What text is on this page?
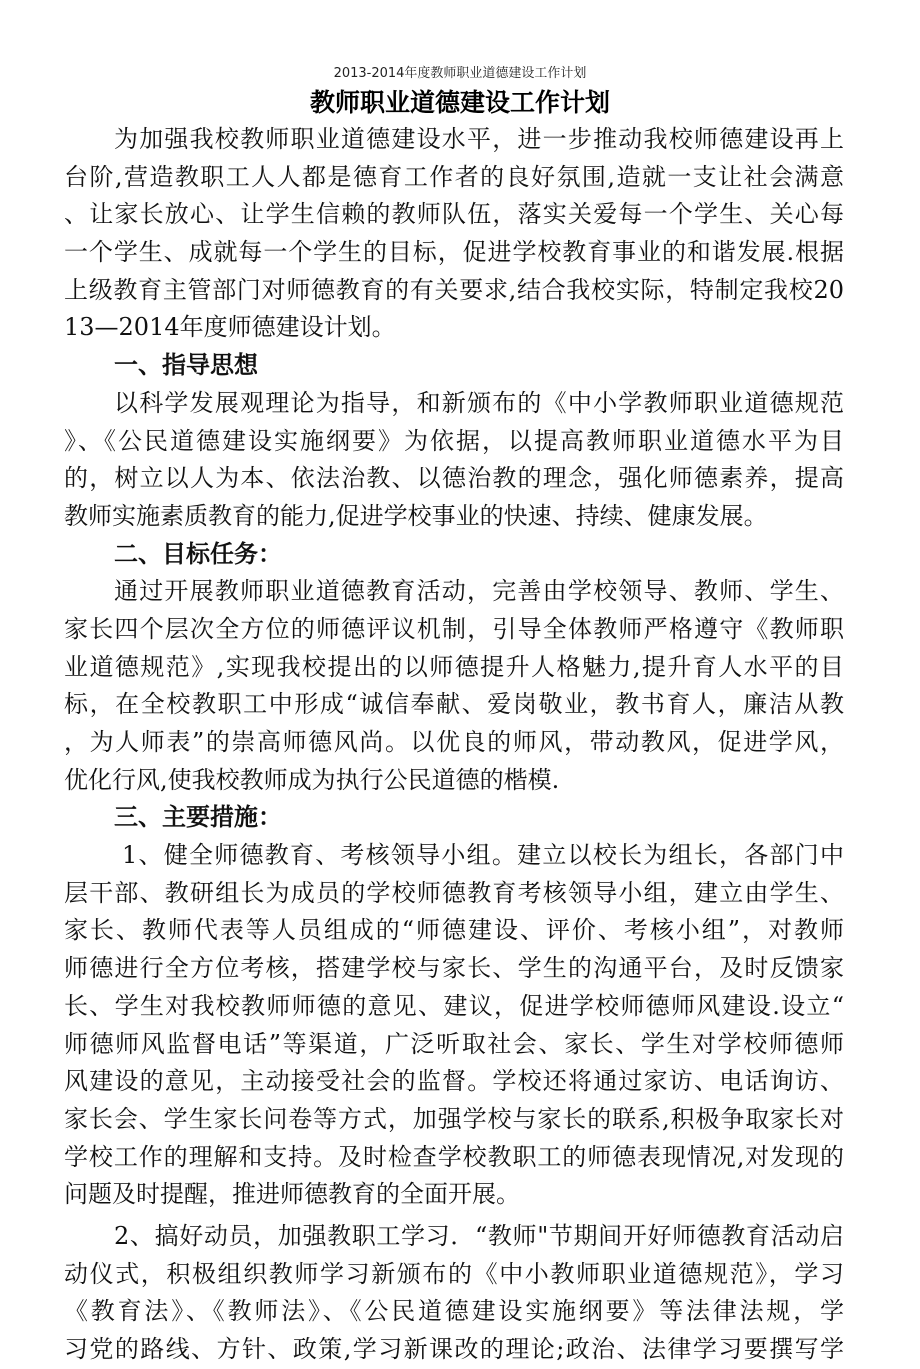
2013-2014年度教师职业道德建设工作计划
教师职业道德建设工作计划
为加强我校教师职业道德建设水平，进一步推动我校师德建设再上
台阶,营造教职工人人都是德育工作者的良好氛围,造就一支让社会满意
、让家长放心、让学生信赖的教师队伍，落实关爱每一个学生、关心每
一个学生、成就每一个学生的目标，促进学校教育事业的和谐发展.根据
上级教育主管部门对师德教育的有关要求,结合我校实际，特制定我校20
13—2014年度师德建设计划。
一、指导思想
以科学发展观理论为指导，和新颁布的《中小学教师职业道德规范
》、《公民道德建设实施纲要》为依据，以提高教师职业道德水平为目
的，树立以人为本、依法治教、以德治教的理念，强化师德素养，提高
教师实施素质教育的能力,促进学校事业的快速、持续、健康发展。
二、目标任务：
通过开展教师职业道德教育活动，完善由学校领导、教师、学生、
家长四个层次全方位的师德评议机制，引导全体教师严格遵守《教师职
业道德规范》,实现我校提出的以师德提升人格魅力,提升育人水平的目
标，在全校教职工中形成“诚信奉献、爱岗敬业，教书育人，廉洁从教
，为人师表”的崇高师德风尚。以优良的师风，带动教风，促进学风，
优化行风,使我校教师成为执行公民道德的楷模.
三、主要措施：
1、健全师德教育、考核领导小组。建立以校长为组长，各部门中
层干部、教研组长为成员的学校师德教育考核领导小组，建立由学生、
家长、教师代表等人员组成的“师德建设、评价、考核小组”，对教师
师德进行全方位考核，搭建学校与家长、学生的沟通平台，及时反馈家
长、学生对我校教师师德的意见、建议，促进学校师德师风建设.设立“
师德师风监督电话”等渠道，广泛听取社会、家长、学生对学校师德师
风建设的意见，主动接受社会的监督。学校还将通过家访、电话询访、
家长会、学生家长问卷等方式，加强学校与家长的联系,积极争取家长对
学校工作的理解和支持。及时检查学校教职工的师德表现情况,对发现的
问题及时提醒，推进师德教育的全面开展。
2、搞好动员，加强教职工学习．“教师"节期间开好师德教育活动启
动仪式，积极组织教师学习新颁布的《中小教师职业道德规范》，学习
《教育法》、《教师法》、《公民道德建设实施纲要》等法律法规，学
习党的路线、方针、政策,学习新课改的理论;政治、法律学习要撰写学
